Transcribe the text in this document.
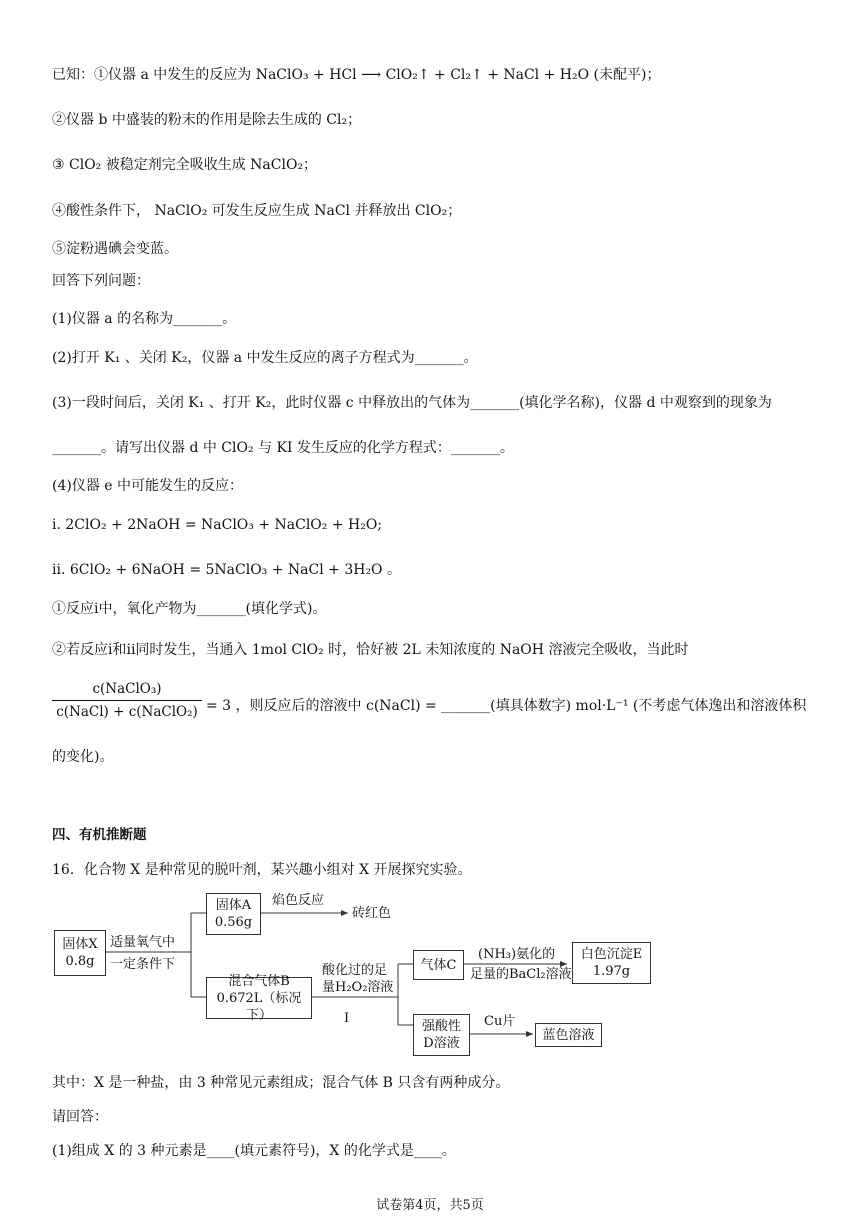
已知：①仪器 a 中发生的反应为 NaClO₃ + HCl ⟶ ClO₂↑ + Cl₂↑ + NaCl + H₂O (未配平)；
②仪器 b 中盛装的粉末的作用是除去生成的 Cl₂；
③ ClO₂ 被稳定剂完全吸收生成 NaClO₂；
④酸性条件下， NaClO₂ 可发生反应生成 NaCl 并释放出 ClO₂；
⑤淀粉遇碘会变蓝。
回答下列问题：
(1)仪器 a 的名称为_______。
(2)打开 K₁ 、关闭 K₂，仪器 a 中发生反应的离子方程式为_______。
(3)一段时间后，关闭 K₁ 、打开 K₂，此时仪器 c 中释放出的气体为_______(填化学名称)，仪器 d 中观察到的现象为
_______。请写出仪器 d 中 ClO₂ 与 KI 发生反应的化学方程式：_______。
(4)仪器 e 中可能发生的反应：
i. 2ClO₂ + 2NaOH = NaClO₃ + NaClO₂ + H₂O;
ii. 6ClO₂ + 6NaOH = 5NaClO₃ + NaCl + 3H₂O 。
①反应i中，氧化产物为_______(填化学式)。
②若反应i和ii同时发生，当通入 1mol ClO₂ 时，恰好被 2L 未知浓度的 NaOH 溶液完全吸收，当此时
c(NaClO₃)
c(NaCl) + c(NaClO₂) = 3 ，则反应后的溶液中 c(NaCl) = _______(填具体数字) mol·L⁻¹ (不考虑气体逸出和溶液体积
的变化)。
四、有机推断题
16．化合物 X 是种常见的脱叶剂，某兴趣小组对 X 开展探究实验。
固体X
0.8g
适量氧气中
一定条件下
固体A
0.56g
焰色反应
砖红色
混合气体B
0.672L（标况下）
酸化过的足
量H₂O₂溶液
I
气体C
(NH₃)氨化的
足量的BaCl₂溶液
白色沉淀E
1.97g
强酸性
D溶液
Cu片
蓝色溶液
其中：X 是一种盐，由 3 种常见元素组成；混合气体 B 只含有两种成分。
请回答：
(1)组成 X 的 3 种元素是____(填元素符号)，X 的化学式是____。
试卷第4页，共5页
